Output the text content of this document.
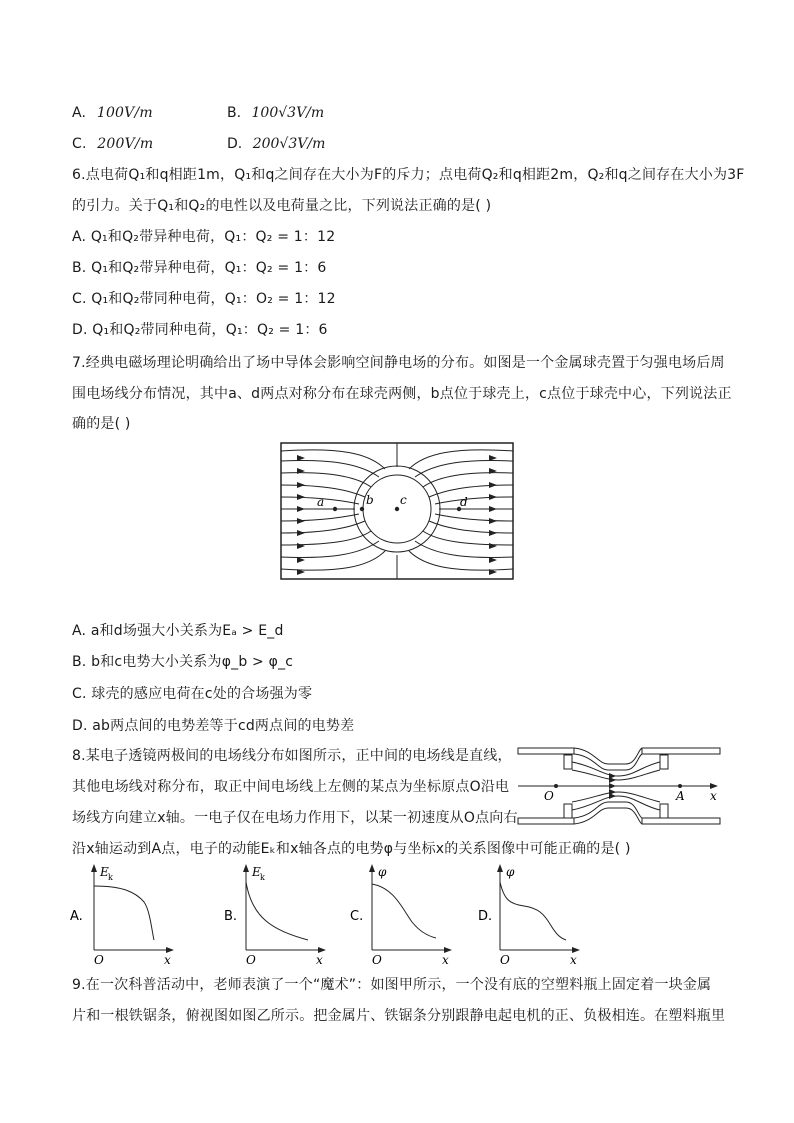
A. 100V/m	B. 100√3V/m
C. 200V/m	D. 200√3V/m
6.点电荷Q₁和q相距1m，Q₁和q之间存在大小为F的斥力；点电荷Q₂和q相距2m，Q₂和q之间存在大小为3F
的引力。关于Q₁和Q₂的电性以及电荷量之比，下列说法正确的是( )
A. Q₁和Q₂带异种电荷，Q₁：Q₂ = 1：12
B. Q₁和Q₂带异种电荷，Q₁：Q₂ = 1：6
C. Q₁和Q₂带同种电荷，Q₁：O₂ = 1：12
D. Q₁和Q₂带同种电荷，Q₁：Q₂ = 1：6
7.经典电磁场理论明确给出了场中导体会影响空间静电场的分布。如图是一个金属球壳置于匀强电场后周
围电场线分布情况，其中a、d两点对称分布在球壳两侧，b点位于球壳上，c点位于球壳中心，下列说法正
确的是( )
a	b c	d
A. a和d场强大小关系为Eₐ > E_d
B. b和c电势大小关系为φ_b > φ_c
C. 球壳的感应电荷在c处的合场强为零
D. ab两点间的电势差等于cd两点间的电势差
8.某电子透镜两极间的电场线分布如图所示，正中间的电场线是直线，
其他电场线对称分布，取正中间电场线上左侧的某点为坐标原点O沿电
场线方向建立x轴。一电子仅在电场力作用下，以某一初速度从O点向右
沿x轴运动到A点，电子的动能Eₖ和x轴各点的电势φ与坐标x的关系图像中可能正确的是( )
O	A x
A.
E k
O	x
B.
E k
O	x
C.
φ
O	x
D.
φ
O	x
9.在一次科普活动中，老师表演了一个“魔术”：如图甲所示，一个没有底的空塑料瓶上固定着一块金属
片和一根铁锯条，俯视图如图乙所示。把金属片、铁锯条分别跟静电起电机的正、负极相连。在塑料瓶里
